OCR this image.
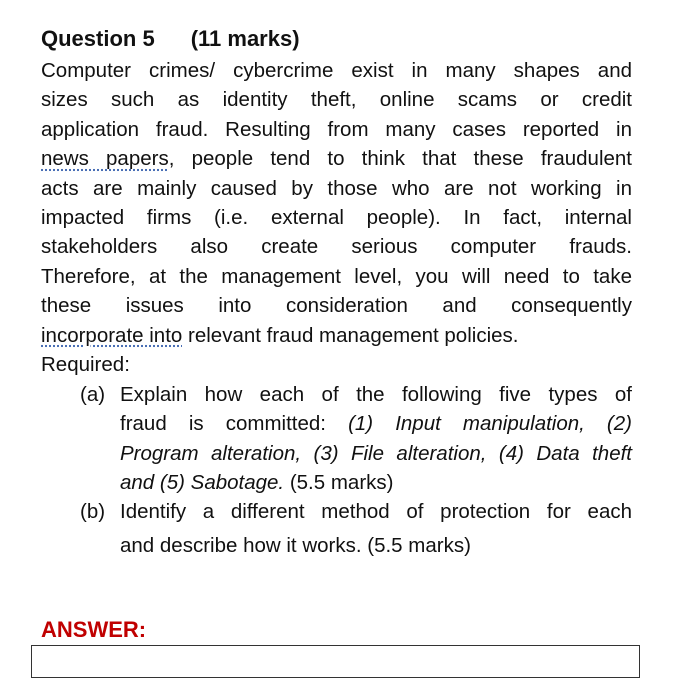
Question 5 (11 marks)
Computer crimes/ cybercrime exist in many shapes and
sizes such as identity theft, online scams or credit
application fraud. Resulting from many cases reported in
news papers, people tend to think that these fraudulent
acts are mainly caused by those who are not working in
impacted firms (i.e. external people). In fact, internal
stakeholders also create serious computer frauds.
Therefore, at the management level, you will need to take
these issues into consideration and consequently
incorporate into relevant fraud management policies.
Required:
(a) Explain how each of the following five types of
fraud is committed: (1) Input manipulation, (2)
Program alteration, (3) File alteration, (4) Data theft
and (5) Sabotage. (5.5 marks)
(b) Identify a different method of protection for each
and describe how it works. (5.5 marks)
ANSWER:
